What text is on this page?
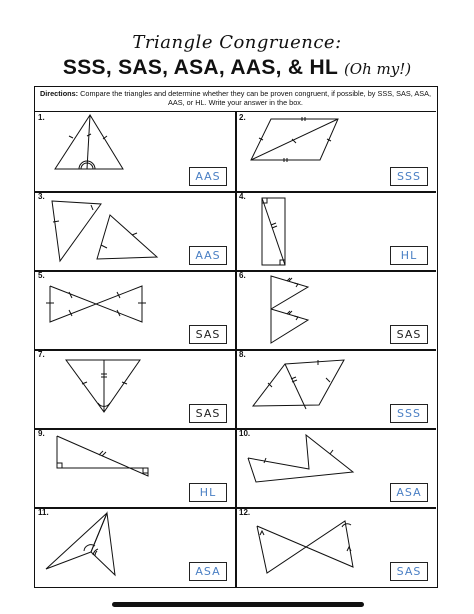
Triangle Congruence:
SSS, SAS, ASA, AAS, & HL (Oh my!)
Directions: Compare the triangles and determine whether they can be proven congruent, if possible, by SSS, SAS, ASA, AAS, or HL. Write your answer in the box.
1.
AAS
2.
SSS
3.
AAS
4.
HL
5.
SAS
6.
SAS
7.
SAS
8.
SSS
9.
HL
10.
ASA
11.
ASA
12.
SAS
